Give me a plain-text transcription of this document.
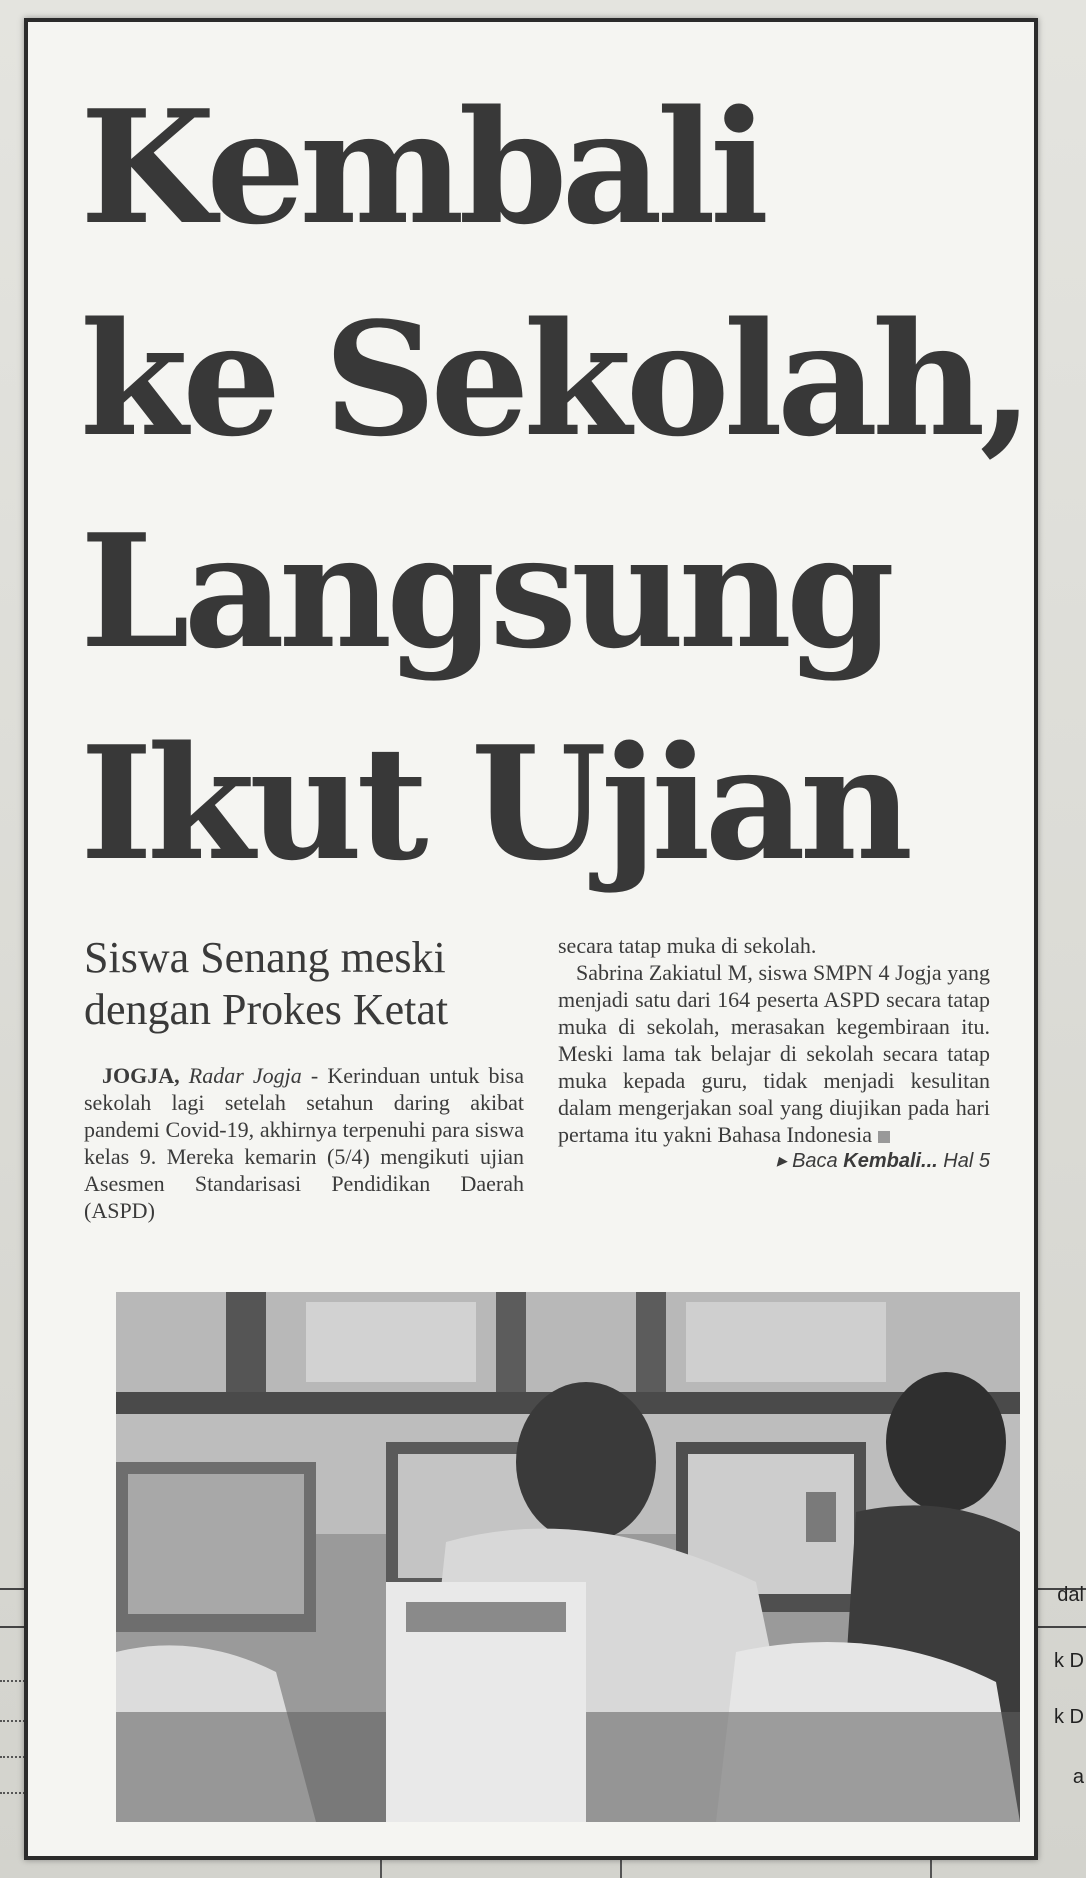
dal
k D
k D
a
Kembali
ke Sekolah,
Langsung
Ikut Ujian
Siswa Senang meski dengan Prokes Ketat

JOGJA, Radar Jogja - Kerinduan untuk bisa sekolah lagi setelah setahun daring akibat pandemi Covid-19, akhirnya terpenuhi para siswa kelas 9. Mereka kemarin (5/4) mengikuti ujian Asesmen Standarisasi Pendidikan Daerah (ASPD)

secara tatap muka di sekolah.

Sabrina Zakiatul M, siswa SMPN 4 Jogja yang menjadi satu dari 164 peserta ASPD secara tatap muka di sekolah, merasakan kegembiraan itu. Meski lama tak belajar di sekolah secara tatap muka kepada guru, tidak menjadi kesulitan dalam mengerjakan soal yang diujikan pada hari pertama itu yakni Bahasa Indonesia
▸ Baca Kembali... Hal 5
